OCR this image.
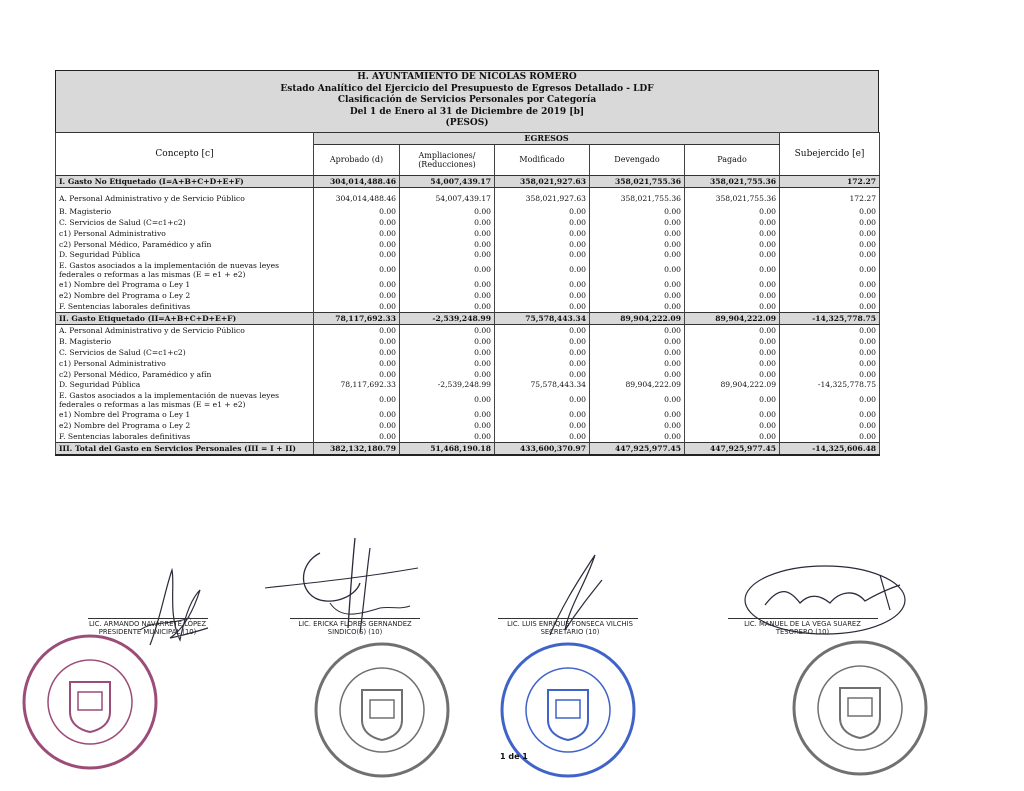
H. AYUNTAMIENTO DE NICOLAS ROMERO
Estado Analítico del Ejercicio del Presupuesto de Egresos Detallado - LDF
Clasificación de Servicios Personales por Categoría
Del 1 de Enero al 31 de Diciembre de 2019 [b]
(PESOS)
Concepto [c]	EGRESOS					Subejercido [e]
	Aprobado (d)	Ampliaciones/ (Reducciones)	Modificado	Devengado	Pagado	
I. Gasto No Etiquetado (I=A+B+C+D+E+F)	304,014,488.46	54,007,439.17	358,021,927.63	358,021,755.36	358,021,755.36	172.27
A. Personal Administrativo y de Servicio Público	304,014,488.46	54,007,439.17	358,021,927.63	358,021,755.36	358,021,755.36	172.27
B. Magisterio	0.00	0.00	0.00	0.00	0.00	0.00
C. Servicios de Salud (C=c1+c2)	0.00	0.00	0.00	0.00	0.00	0.00
c1) Personal Administrativo	0.00	0.00	0.00	0.00	0.00	0.00
c2) Personal Médico, Paramédico y afín	0.00	0.00	0.00	0.00	0.00	0.00
D. Seguridad Pública	0.00	0.00	0.00	0.00	0.00	0.00
E. Gastos asociados a la implementación de nuevas leyes federales o reformas a las mismas (E = e1 + e2)	0.00	0.00	0.00	0.00	0.00	0.00
e1) Nombre del Programa o Ley 1	0.00	0.00	0.00	0.00	0.00	0.00
e2) Nombre del Programa o Ley 2	0.00	0.00	0.00	0.00	0.00	0.00
F. Sentencias laborales definitivas	0.00	0.00	0.00	0.00	0.00	0.00
II. Gasto Etiquetado (II=A+B+C+D+E+F)	78,117,692.33	-2,539,248.99	75,578,443.34	89,904,222.09	89,904,222.09	-14,325,778.75
A. Personal Administrativo y de Servicio Público	0.00	0.00	0.00	0.00	0.00	0.00
B. Magisterio	0.00	0.00	0.00	0.00	0.00	0.00
C. Servicios de Salud (C=c1+c2)	0.00	0.00	0.00	0.00	0.00	0.00
c1) Personal Administrativo	0.00	0.00	0.00	0.00	0.00	0.00
c2) Personal Médico, Paramédico y afín	0.00	0.00	0.00	0.00	0.00	0.00
D. Seguridad Pública	78,117,692.33	-2,539,248.99	75,578,443.34	89,904,222.09	89,904,222.09	-14,325,778.75
E. Gastos asociados a la implementación de nuevas leyes federales o reformas a las mismas (E = e1 + e2)	0.00	0.00	0.00	0.00	0.00	0.00
e1) Nombre del Programa o Ley 1	0.00	0.00	0.00	0.00	0.00	0.00
e2) Nombre del Programa o Ley 2	0.00	0.00	0.00	0.00	0.00	0.00
F. Sentencias laborales definitivas	0.00	0.00	0.00	0.00	0.00	0.00
III. Total del Gasto en Servicios Personales (III = I + II)	382,132,180.79	51,468,190.18	433,600,370.97	447,925,977.45	447,925,977.45	-14,325,606.48
LIC. ARMANDO NAVARRETE LÓPEZ
PRESIDENTE MUNICIPAL (10)
LIC. ERICKA FLORES GERNANDEZ
SINDICO(S) (10)
LIC. LUIS ENRIQUE FONSECA VILCHIS
SECRETARIO (10)
LIC. MANUEL DE LA VEGA SUAREZ
TESORERO (10)
1 de 1
